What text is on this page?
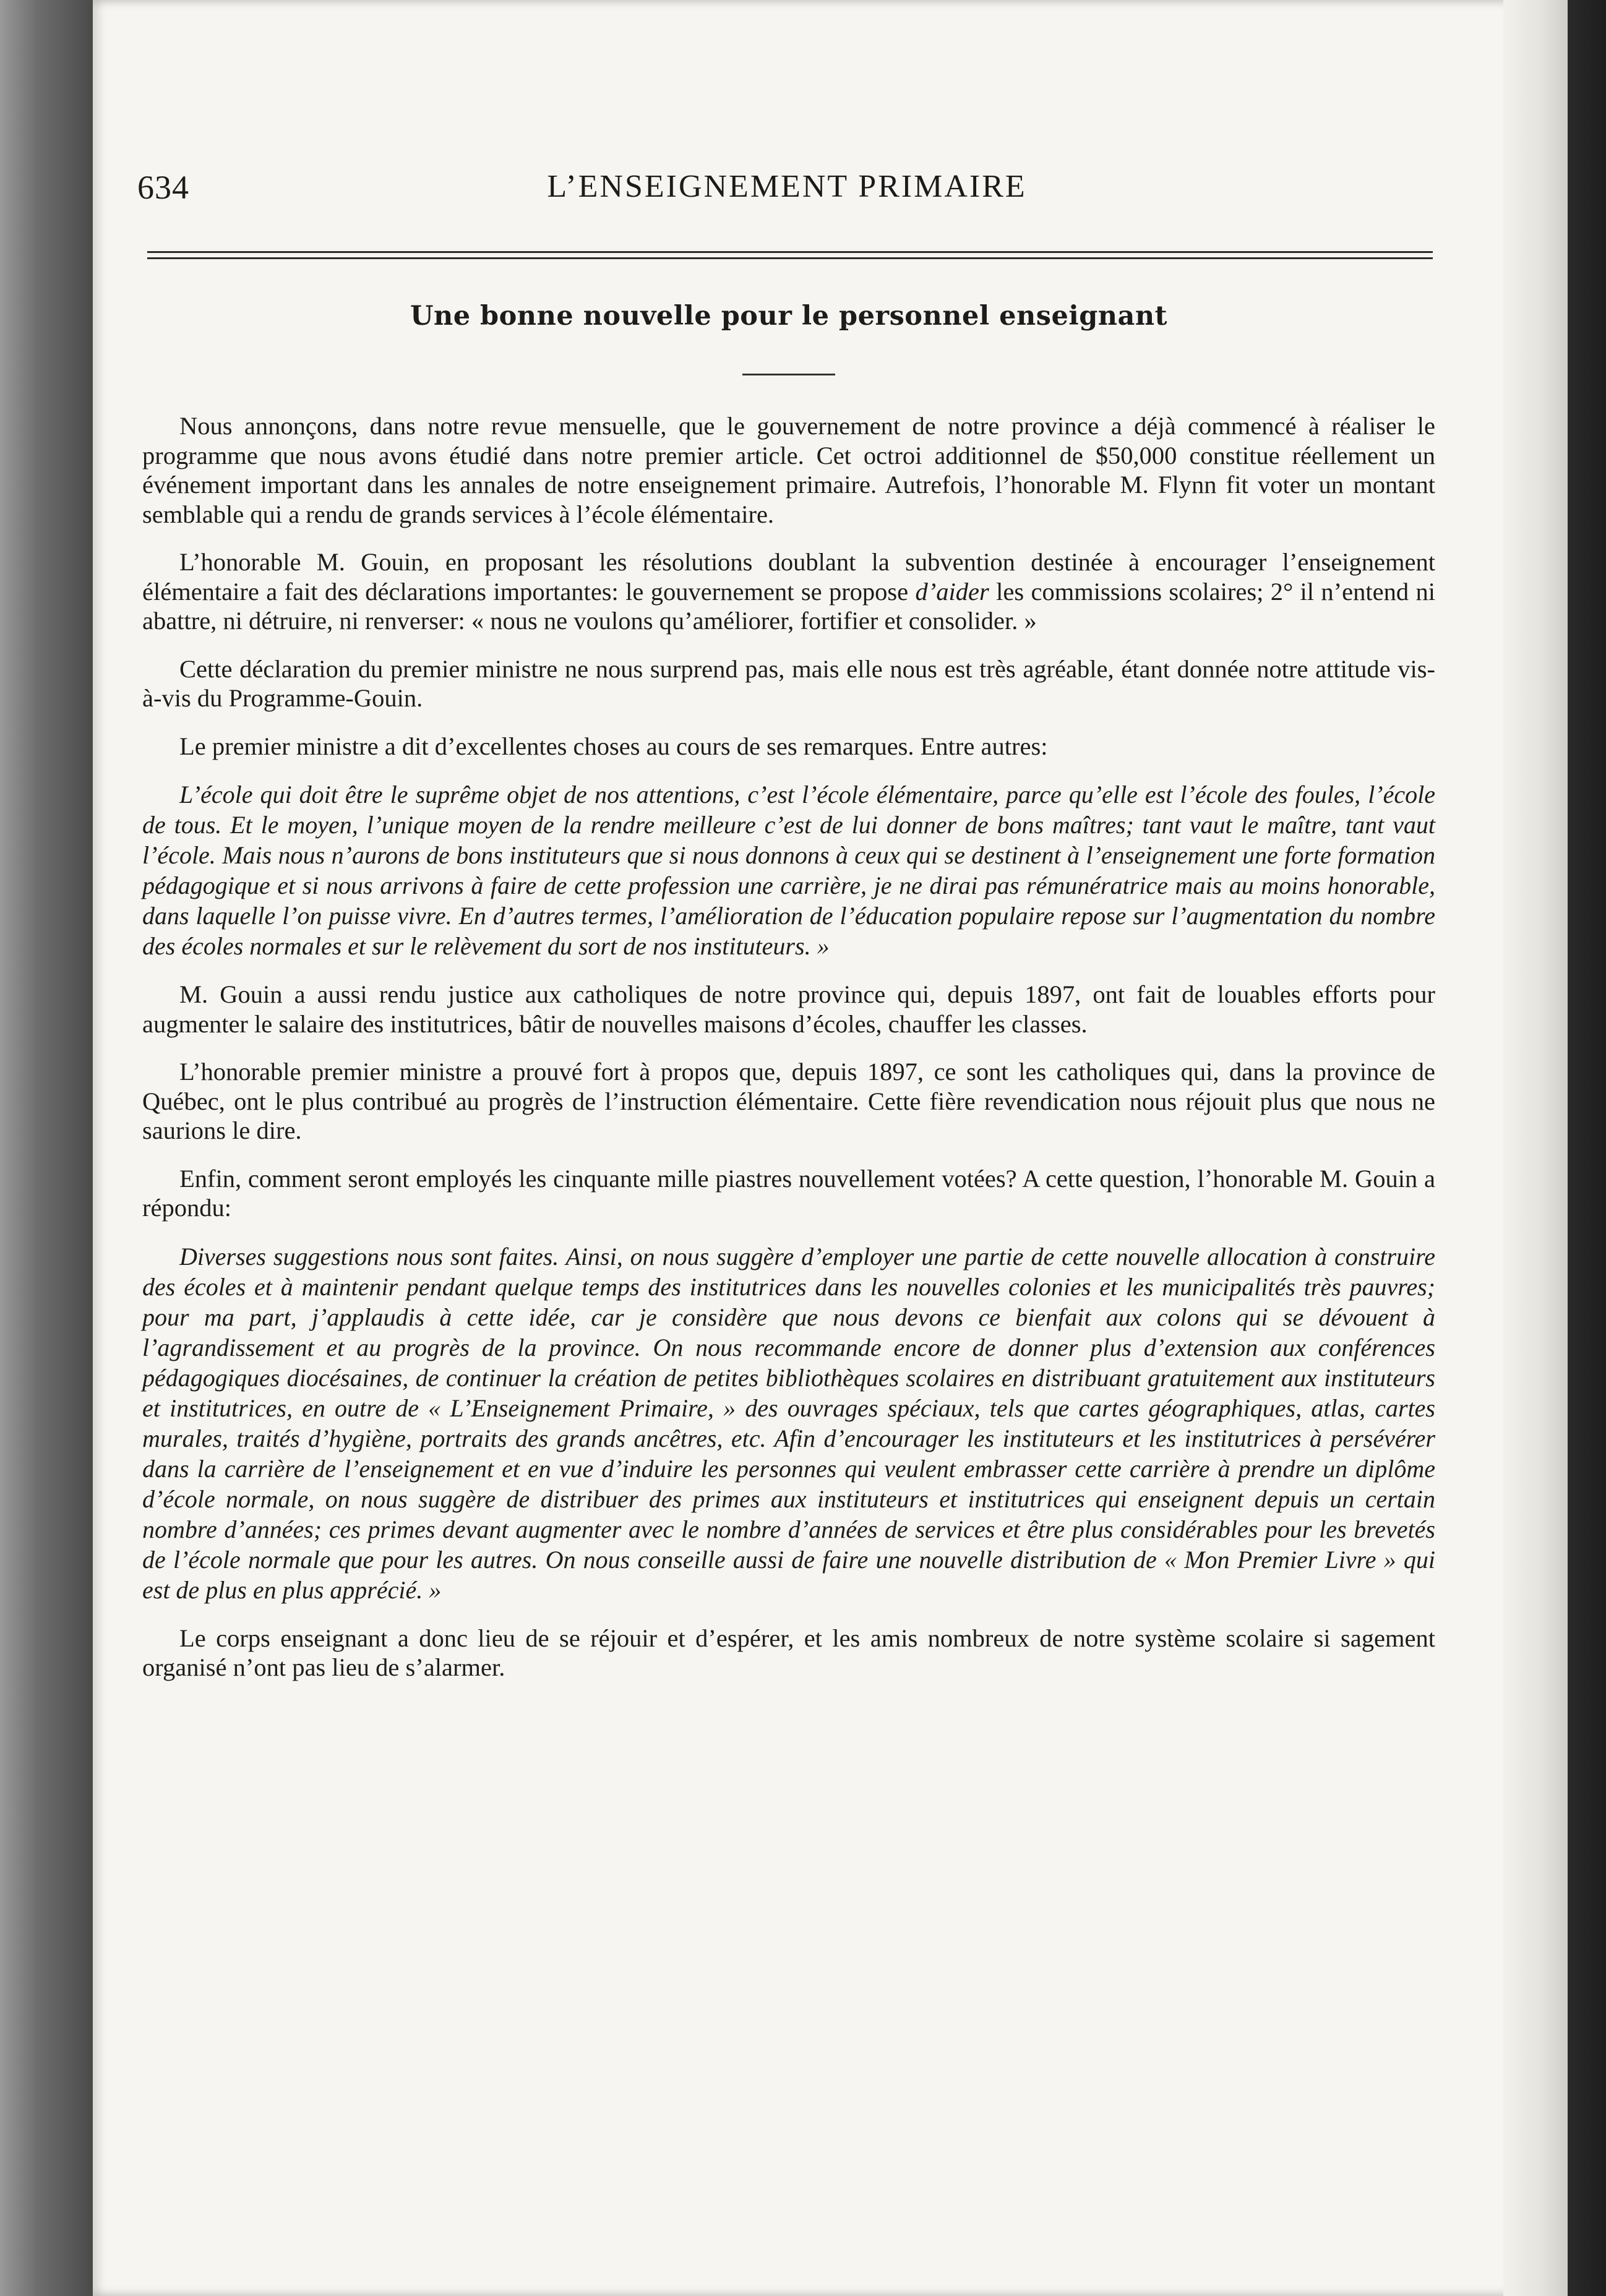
634	L’ENSEIGNEMENT PRIMAIRE
Une bonne nouvelle pour le personnel enseignant

Nous annonçons, dans notre revue mensuelle, que le gouvernement de notre province a déjà commencé à réaliser le programme que nous avons étudié dans notre premier article. Cet octroi additionnel de $50,000 constitue réellement un événement important dans les annales de notre enseignement primaire. Autrefois, l’honorable M. Flynn fit voter un montant semblable qui a rendu de grands services à l’école élémentaire.

L’honorable M. Gouin, en proposant les résolutions doublant la subvention destinée à encourager l’enseignement élémentaire a fait des déclarations importantes: le gouvernement se propose d’aider les commissions scolaires; 2° il n’entend ni abattre, ni détruire, ni renverser: « nous ne voulons qu’améliorer, fortifier et consolider. »

Cette déclaration du premier ministre ne nous surprend pas, mais elle nous est très agréable, étant donnée notre attitude vis-à-vis du Programme-Gouin.

Le premier ministre a dit d’excellentes choses au cours de ses remarques. Entre autres:

L’école qui doit être le suprême objet de nos attentions, c’est l’école élémentaire, parce qu’elle est l’école des foules, l’école de tous. Et le moyen, l’unique moyen de la rendre meilleure c’est de lui donner de bons maîtres; tant vaut le maître, tant vaut l’école. Mais nous n’aurons de bons instituteurs que si nous donnons à ceux qui se destinent à l’enseignement une forte formation pédagogique et si nous arrivons à faire de cette profession une carrière, je ne dirai pas rémunératrice mais au moins honorable, dans laquelle l’on puisse vivre. En d’autres termes, l’amélioration de l’éducation populaire repose sur l’augmentation du nombre des écoles normales et sur le relèvement du sort de nos instituteurs. »

M. Gouin a aussi rendu justice aux catholiques de notre province qui, depuis 1897, ont fait de louables efforts pour augmenter le salaire des institutrices, bâtir de nouvelles maisons d’écoles, chauffer les classes.

L’honorable premier ministre a prouvé fort à propos que, depuis 1897, ce sont les catholiques qui, dans la province de Québec, ont le plus contribué au progrès de l’instruction élémentaire. Cette fière revendication nous réjouit plus que nous ne saurions le dire.

Enfin, comment seront employés les cinquante mille piastres nouvellement votées? A cette question, l’honorable M. Gouin a répondu:

Diverses suggestions nous sont faites. Ainsi, on nous suggère d’employer une partie de cette nouvelle allocation à construire des écoles et à maintenir pendant quelque temps des institutrices dans les nouvelles colonies et les municipalités très pauvres; pour ma part, j’applaudis à cette idée, car je considère que nous devons ce bienfait aux colons qui se dévouent à l’agrandissement et au progrès de la province. On nous recommande encore de donner plus d’extension aux conférences pédagogiques diocésaines, de continuer la création de petites bibliothèques scolaires en distribuant gratuitement aux instituteurs et institutrices, en outre de « L’Enseignement Primaire, » des ouvrages spéciaux, tels que cartes géographiques, atlas, cartes murales, traités d’hygiène, portraits des grands ancêtres, etc. Afin d’encourager les instituteurs et les institutrices à persévérer dans la carrière de l’enseignement et en vue d’induire les personnes qui veulent embrasser cette carrière à prendre un diplôme d’école normale, on nous suggère de distribuer des primes aux instituteurs et institutrices qui enseignent depuis un certain nombre d’années; ces primes devant augmenter avec le nombre d’années de services et être plus considérables pour les brevetés de l’école normale que pour les autres. On nous conseille aussi de faire une nouvelle distribution de « Mon Premier Livre » qui est de plus en plus apprécié. »

Le corps enseignant a donc lieu de se réjouir et d’espérer, et les amis nombreux de notre système scolaire si sagement organisé n’ont pas lieu de s’alarmer.
